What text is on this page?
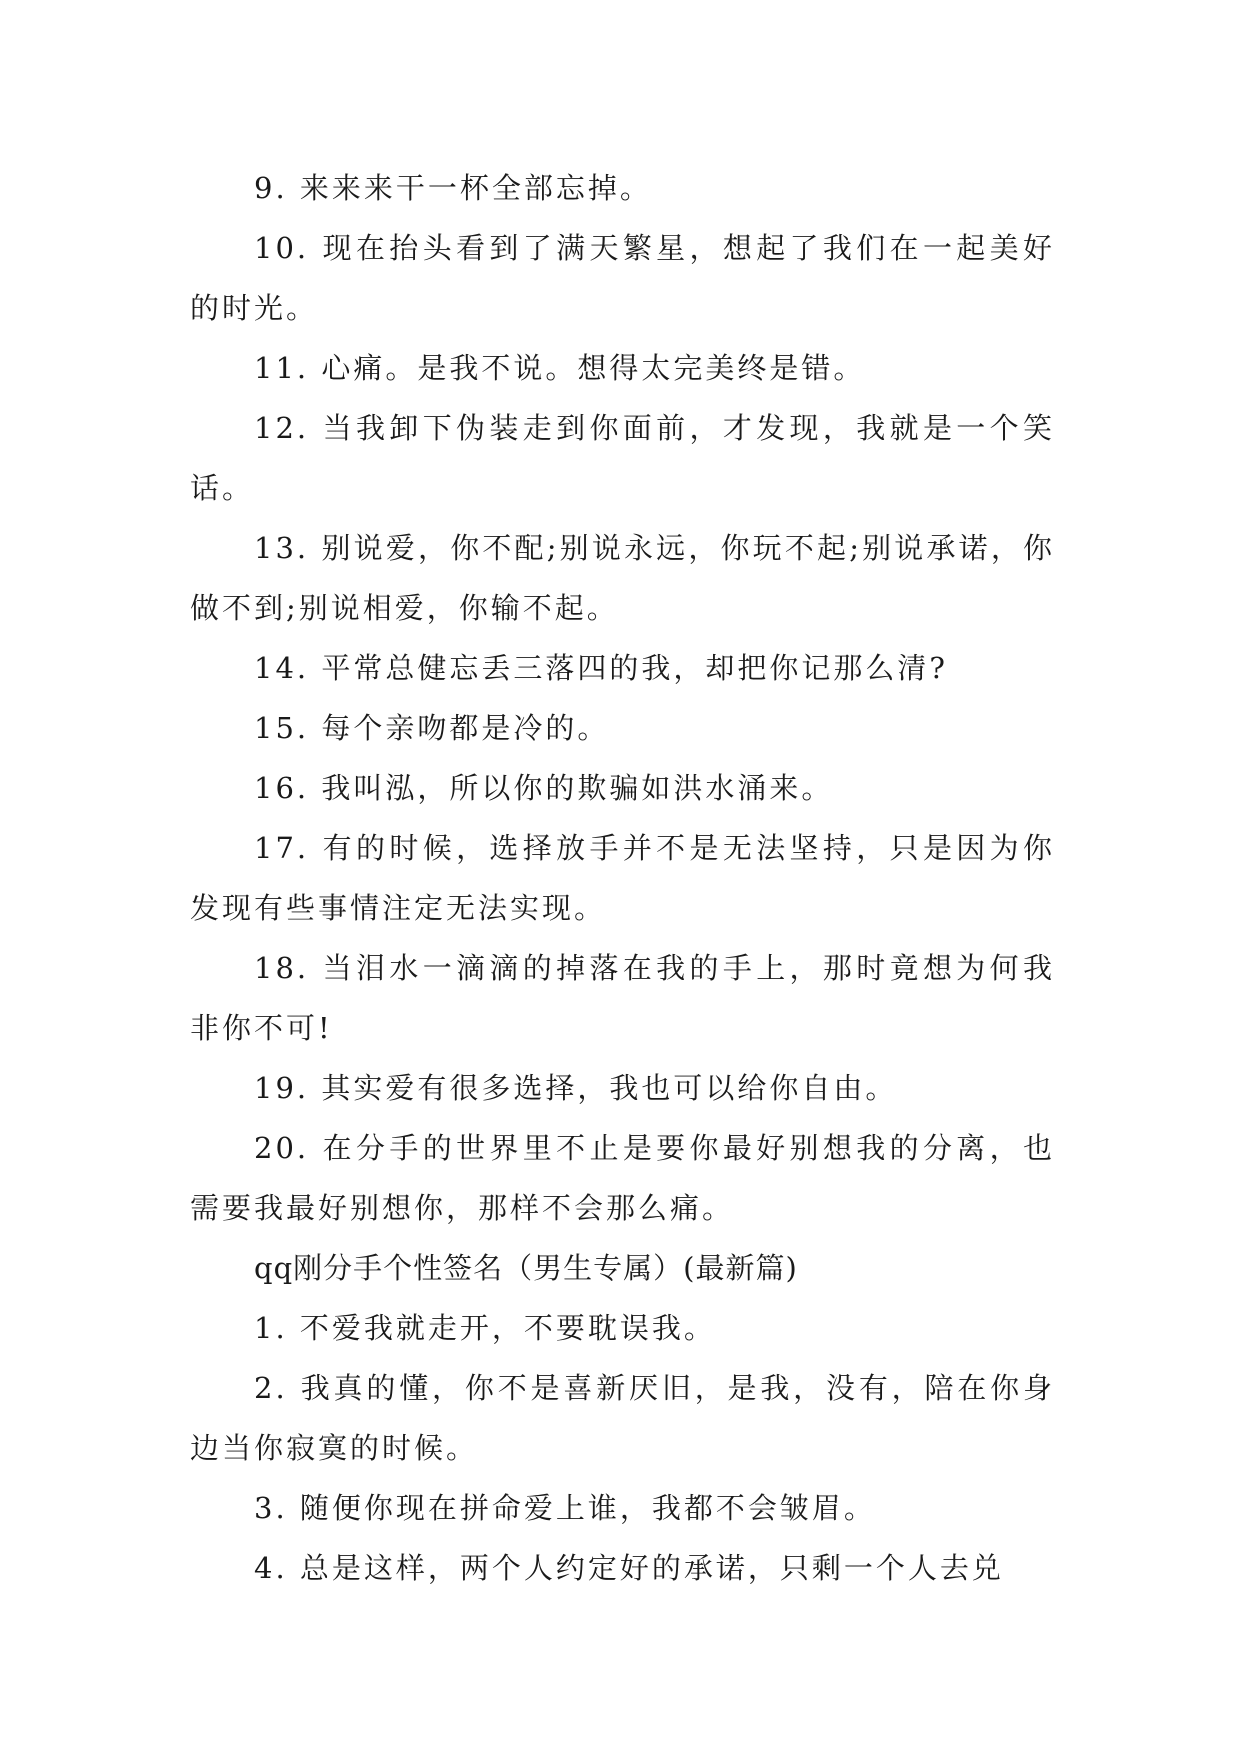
9. 来来来干一杯全部忘掉。

10. 现在抬头看到了满天繁星，想起了我们在一起美好的时光。

11. 心痛。是我不说。想得太完美终是错。

12. 当我卸下伪装走到你面前，才发现，我就是一个笑话。

13. 别说爱，你不配;别说永远，你玩不起;别说承诺，你做不到;别说相爱，你输不起。

14. 平常总健忘丢三落四的我，却把你记那么清?

15. 每个亲吻都是冷的。

16. 我叫泓，所以你的欺骗如洪水涌来。

17. 有的时候，选择放手并不是无法坚持，只是因为你发现有些事情注定无法实现。

18. 当泪水一滴滴的掉落在我的手上，那时竟想为何我非你不可!

19. 其实爱有很多选择，我也可以给你自由。

20. 在分手的世界里不止是要你最好别想我的分离，也需要我最好别想你，那样不会那么痛。

qq刚分手个性签名（男生专属）(最新篇)

1. 不爱我就走开，不要耽误我。

2. 我真的懂，你不是喜新厌旧，是我，没有，陪在你身边当你寂寞的时候。

3. 随便你现在拼命爱上谁，我都不会皱眉。

4. 总是这样，两个人约定好的承诺，只剩一个人去兑
